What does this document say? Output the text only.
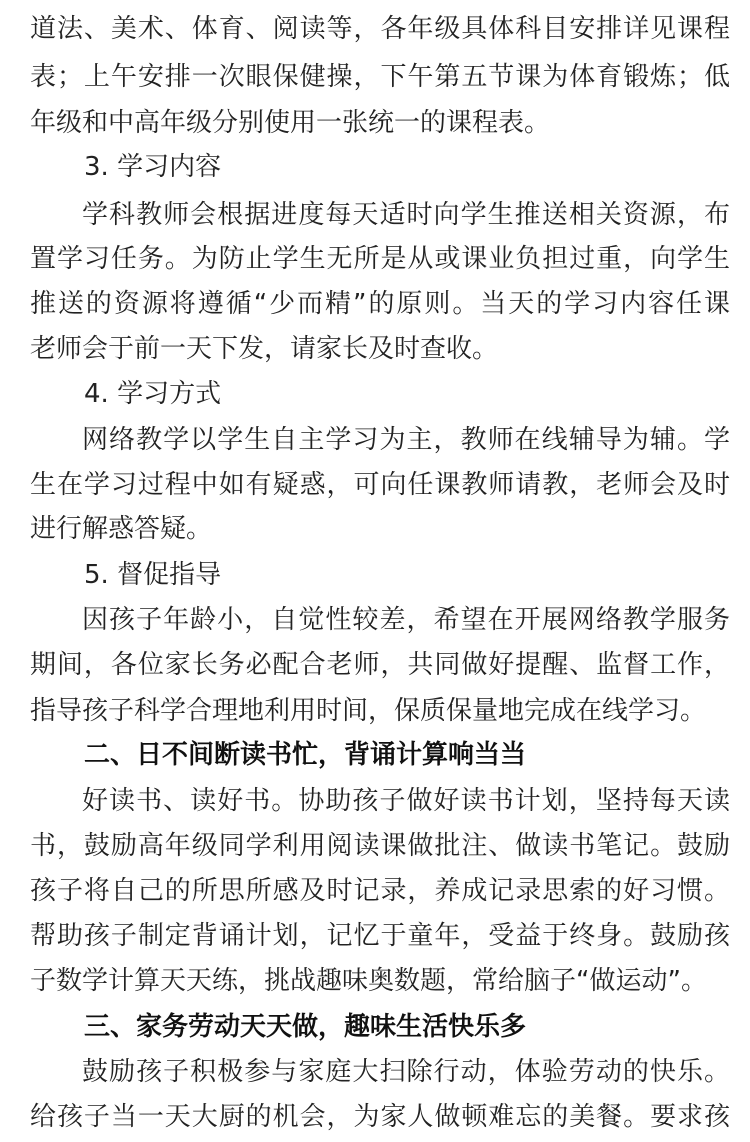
道法、美术、体育、阅读等，各年级具体科目安排详见课程
表；上午安排一次眼保健操，下午第五节课为体育锻炼；低
年级和中高年级分别使用一张统一的课程表。
3. 学习内容
学科教师会根据进度每天适时向学生推送相关资源，布
置学习任务。为防止学生无所是从或课业负担过重，向学生
推送的资源将遵循“少而精”的原则。当天的学习内容任课
老师会于前一天下发，请家长及时查收。
4. 学习方式
网络教学以学生自主学习为主，教师在线辅导为辅。学
生在学习过程中如有疑惑，可向任课教师请教，老师会及时
进行解惑答疑。
5. 督促指导
因孩子年龄小，自觉性较差，希望在开展网络教学服务
期间，各位家长务必配合老师，共同做好提醒、监督工作，
指导孩子科学合理地利用时间，保质保量地完成在线学习。
二、日不间断读书忙，背诵计算响当当
好读书、读好书。协助孩子做好读书计划，坚持每天读
书，鼓励高年级同学利用阅读课做批注、做读书笔记。鼓励
孩子将自己的所思所感及时记录，养成记录思索的好习惯。
帮助孩子制定背诵计划，记忆于童年，受益于终身。鼓励孩
子数学计算天天练，挑战趣味奥数题，常给脑子“做运动”。
三、家务劳动天天做，趣味生活快乐多
鼓励孩子积极参与家庭大扫除行动，体验劳动的快乐。
给孩子当一天大厨的机会，为家人做顿难忘的美餐。要求孩
